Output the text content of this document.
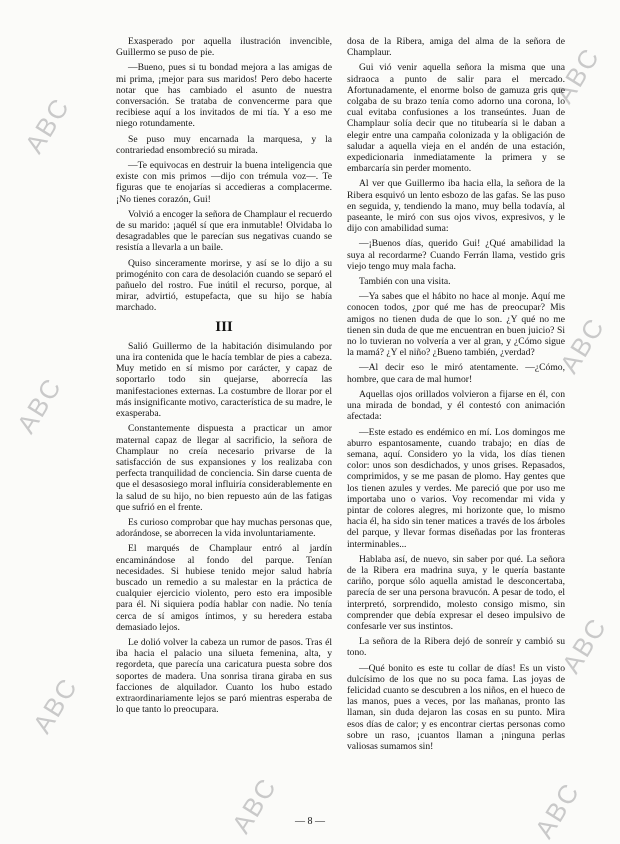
ABC
ABC
ABC
ABC
ABC
ABC
ABC	ABC

Exasperado por aquella ilustración invencible, Guillermo se puso de pie.

—Bueno, pues si tu bondad mejora a las amigas de mi prima, ¡mejor para sus maridos! Pero debo hacerte notar que has cambiado el asunto de nuestra conversación. Se trataba de convencerme para que recibiese aquí a los invitados de mi tía. Y a eso me niego rotundamente.

Se puso muy encarnada la marquesa, y la contrariedad ensombreció su mirada.

—Te equivocas en destruir la buena inteligencia que existe con mis primos —dijo con trémula voz—. Te figuras que te enojarías si accedieras a complacerme. ¡No tienes corazón, Gui!

Volvió a encoger la señora de Champlaur el recuerdo de su marido: ¡aquél sí que era inmutable! Olvidaba lo desagradables que le parecían sus negativas cuando se resistía a llevarla a un baile.

Quiso sinceramente morirse, y así se lo dijo a su primogénito con cara de desolación cuando se separó el pañuelo del rostro. Fue inútil el recurso, porque, al mirar, advirtió, estupefacta, que su hijo se había marchado.

III

Salió Guillermo de la habitación disimulando por una ira contenida que le hacía temblar de pies a cabeza. Muy metido en sí mismo por carácter, y capaz de soportarlo todo sin quejarse, aborrecía las manifestaciones externas. La costumbre de llorar por el más insignificante motivo, característica de su madre, le exasperaba.

Constantemente dispuesta a practicar un amor maternal capaz de llegar al sacrificio, la señora de Champlaur no creía necesario privarse de la satisfacción de sus expansiones y los realizaba con perfecta tranquilidad de conciencia. Sin darse cuenta de que el desasosiego moral influiría considerablemente en la salud de su hijo, no bien repuesto aún de las fatigas que sufrió en el frente.

Es curioso comprobar que hay muchas personas que, adorándose, se aborrecen la vida involuntariamente.

El marqués de Champlaur entró al jardín encaminándose al fondo del parque. Tenían necesidades. Si hubiese tenido mejor salud habría buscado un remedio a su malestar en la práctica de cualquier ejercicio violento, pero esto era imposible para él. Ni siquiera podía hablar con nadie. No tenía cerca de sí amigos íntimos, y su heredera estaba demasiado lejos.

Le dolió volver la cabeza un rumor de pasos. Tras él iba hacia el palacio una silueta femenina, alta, y regordeta, que parecía una caricatura puesta sobre dos soportes de madera. Una sonrisa tirana giraba en sus facciones de alquilador. Cuanto los hubo estado extraordinariamente lejos se paró mientras esperaba de lo que tanto lo preocupara.

dosa de la Ribera, amiga del alma de la señora de Champlaur.

Gui vió venir aquella señora la misma que una sidraoca a punto de salir para el mercado. Afortunadamente, el enorme bolso de gamuza gris que colgaba de su brazo tenía como adorno una corona, lo cual evitaba confusiones a los transeúntes. Juan de Champlaur solía decir que no titubearía si le daban a elegir entre una campaña colonizada y la obligación de saludar a aquella vieja en el andén de una estación, expedicionaria inmediatamente la primera y se embarcaría sin perder momento.

Al ver que Guillermo iba hacia ella, la señora de la Ribera esquivó un lento esbozo de las gafas. Se las puso en seguida, y, tendiendo la mano, muy bella todavía, al paseante, le miró con sus ojos vivos, expresivos, y le dijo con amabilidad suma:

—¡Buenos días, querido Gui! ¿Qué amabilidad la suya al recordarme? Cuando Ferrán llama, vestido gris viejo tengo muy mala facha.

También con una visita.

—Ya sabes que el hábito no hace al monje. Aquí me conocen todos, ¿por qué me has de preocupar? Mis amigos no tienen duda de que lo son. ¿Y qué no me tienen sin duda de que me encuentran en buen juicio? Si no lo tuvieran no volvería a ver al gran, y ¿Cómo sigue la mamá? ¿Y el niño? ¿Bueno también, ¿verdad?

—Al decir eso le miró atentamente. —¿Cómo, hombre, que cara de mal humor!

Aquellas ojos orillados volvieron a fijarse en él, con una mirada de bondad, y él contestó con animación afectada:

—Este estado es endémico en mí. Los domingos me aburro espantosamente, cuando trabajo; en días de semana, aquí. Considero yo la vida, los días tienen color: unos son desdichados, y unos grises. Repasados, comprimidos, y se me pasan de plomo. Hay gentes que los tienen azules y verdes. Me pareció que por uso me importaba uno o varios. Voy recomendar mi vida y pintar de colores alegres, mi horizonte que, lo mismo hacia él, ha sido sin tener matices a través de los árboles del parque, y llevar formas diseñadas por las fronteras interminables...

Hablaba así, de nuevo, sin saber por qué. La señora de la Ribera era madrina suya, y le quería bastante cariño, porque sólo aquella amistad le desconcertaba, parecía de ser una persona bravucón. A pesar de todo, el interpretó, sorprendido, molesto consigo mismo, sin comprender que debía expresar el deseo impulsivo de confesarle ver sus instintos.

La señora de la Ribera dejó de sonreír y cambió su tono.

—Qué bonito es este tu collar de días! Es un visto dulcísimo de los que no su poca fama. Las joyas de felicidad cuanto se descubren a los niños, en el hueco de las manos, pues a veces, por las mañanas, pronto las llaman, sin duda dejaron las cosas en su punto. Mira esos días de calor; y es encontrar ciertas personas como sobre un raso, ¡cuantos llaman a ¡ninguna perlas valiosas sumamos sin!

— 8 —
